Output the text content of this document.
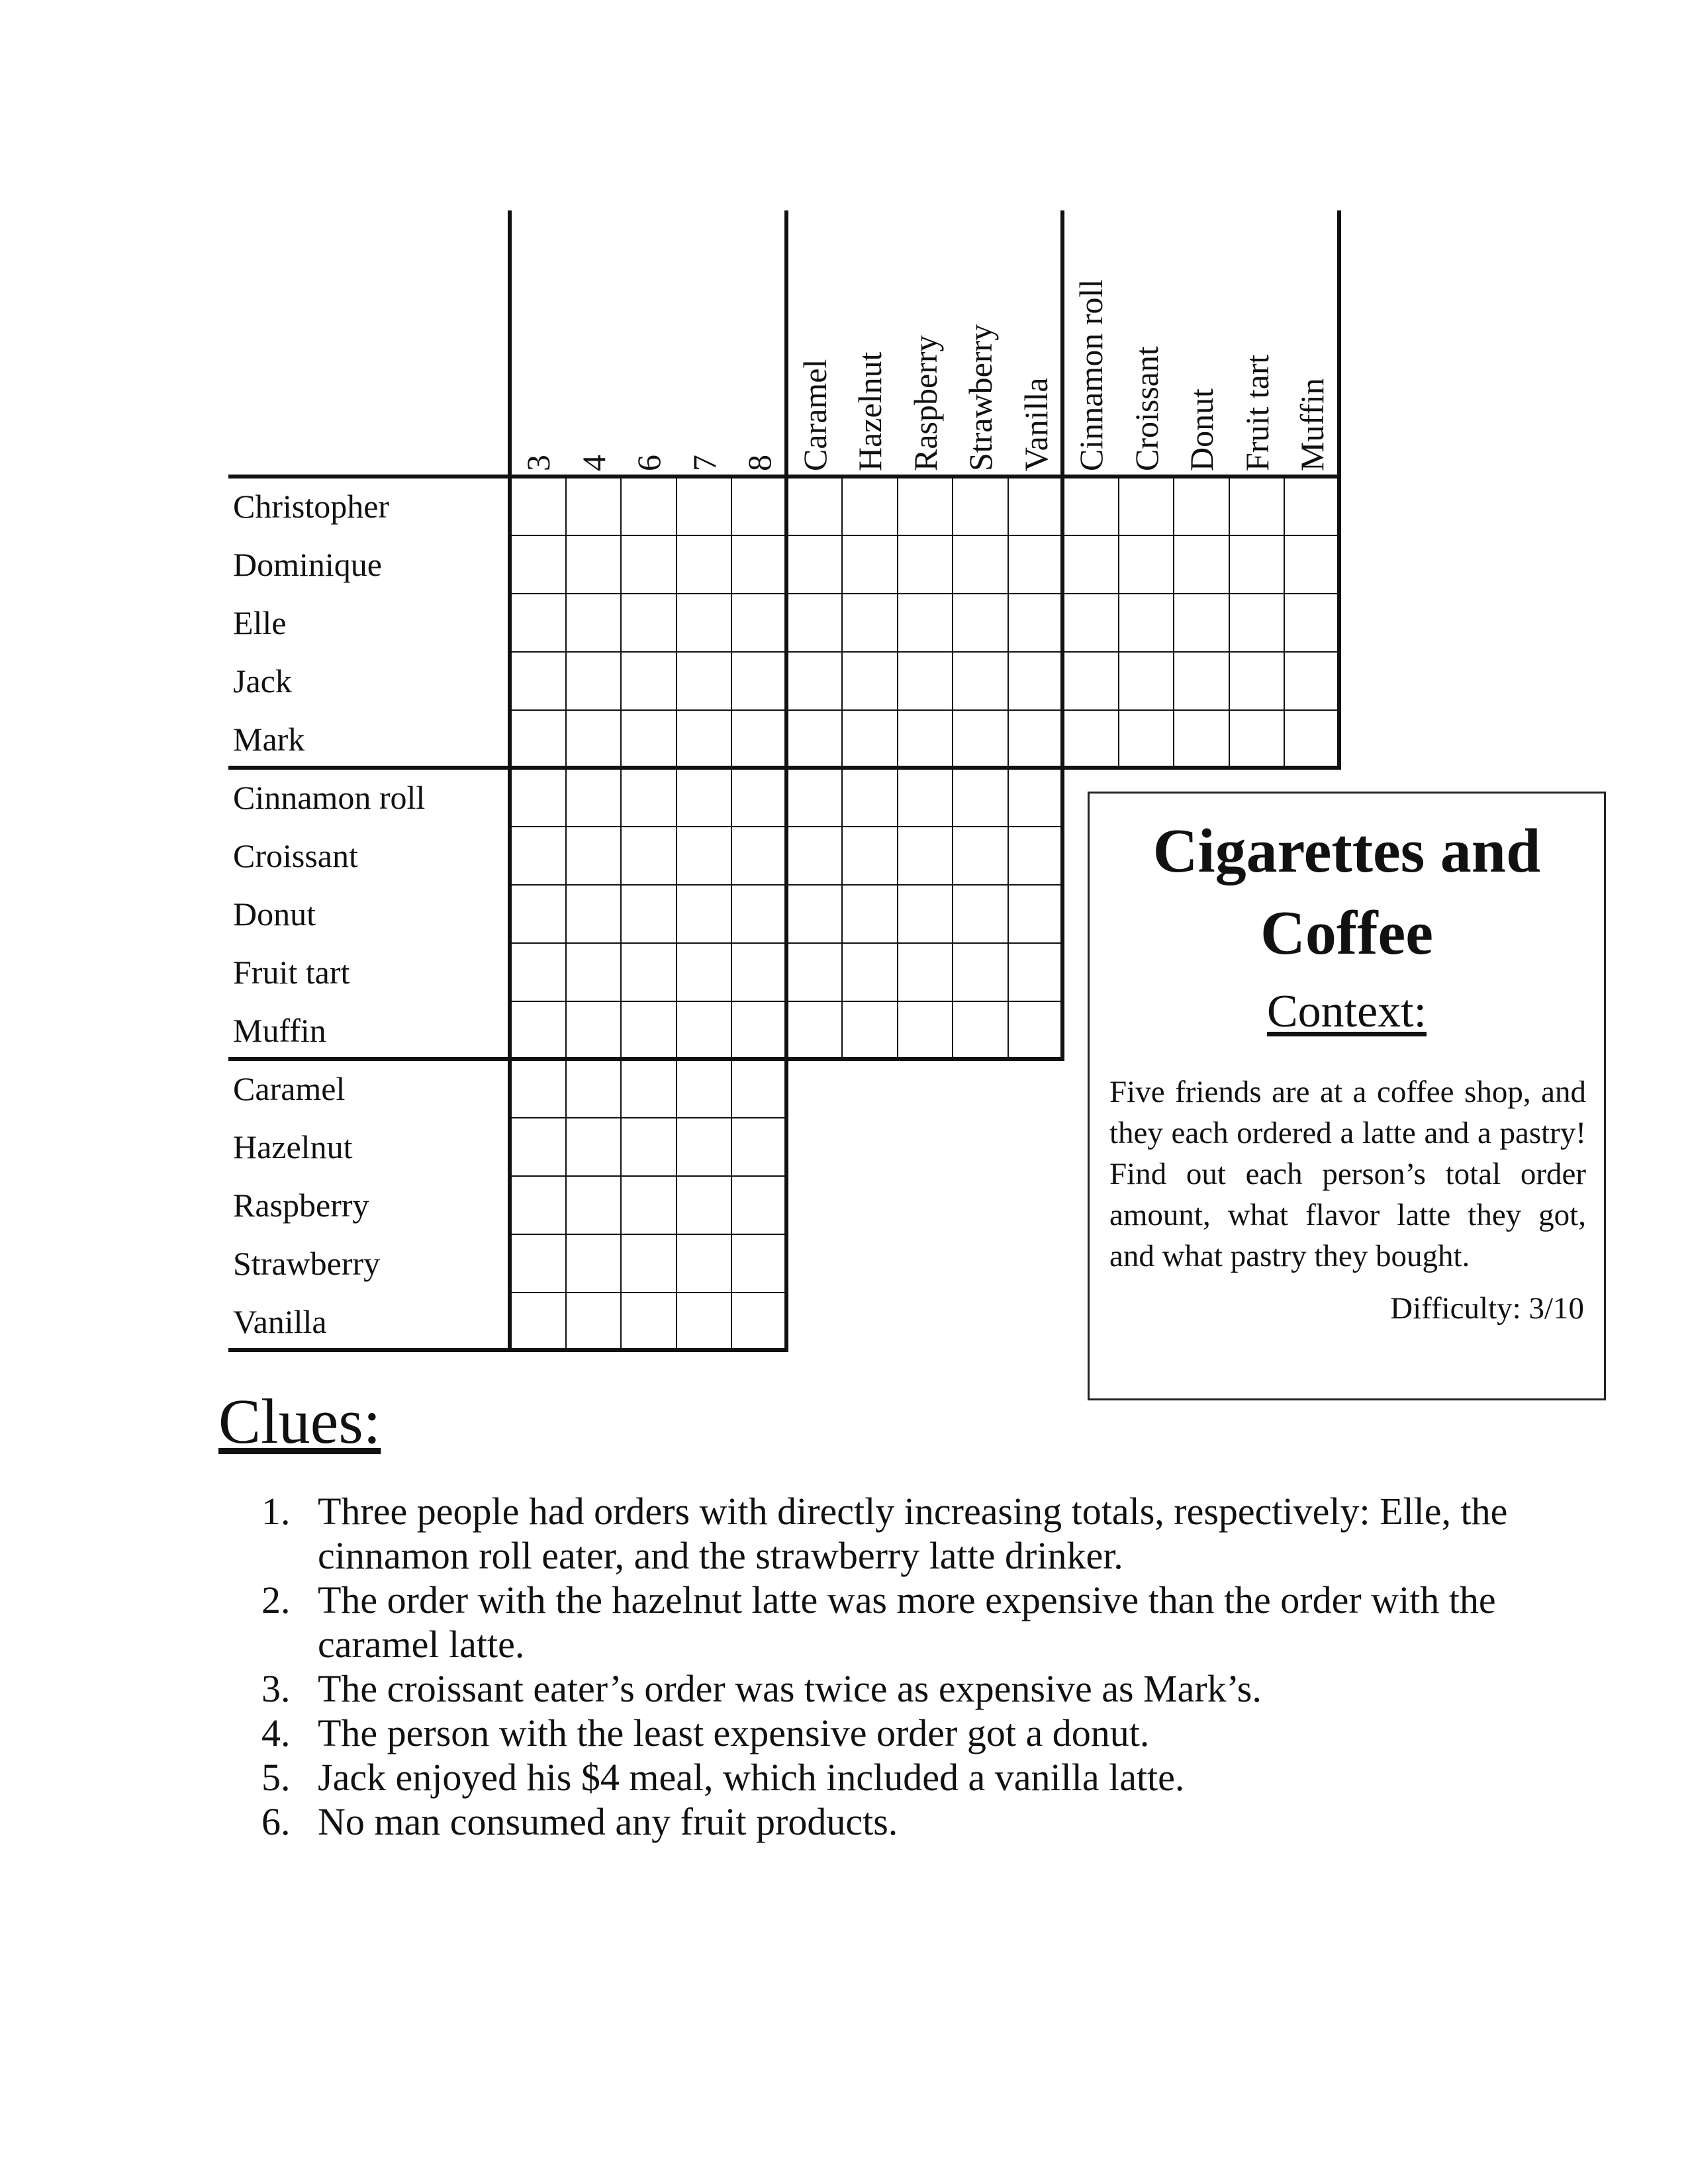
Christopher
Dominique
Elle
Jack
Mark
Cinnamon roll
Croissant
Donut
Fruit tart
Muffin
Caramel
Hazelnut
Raspberry
Strawberry
Vanilla
3 4 6 7 8 Caramel Hazelnut Raspberry Strawberry Vanilla Cinnamon roll Croissant Donut Fruit tart Muffin
Cigarettes and Coffee
Context:
Five friends are at a coffee shop, and they each ordered a latte and a pastry! Find out each person’s total order amount, what flavor latte they got, and what pastry they bought.
Difficulty: 3/10
Clues:
1. Three people had orders with directly increasing totals, respectively: Elle, the cinnamon roll eater, and the strawberry latte drinker.
2. The order with the hazelnut latte was more expensive than the order with the caramel latte.
3. The croissant eater’s order was twice as expensive as Mark’s.
4. The person with the least expensive order got a donut.
5. Jack enjoyed his $4 meal, which included a vanilla latte.
6. No man consumed any fruit products.
